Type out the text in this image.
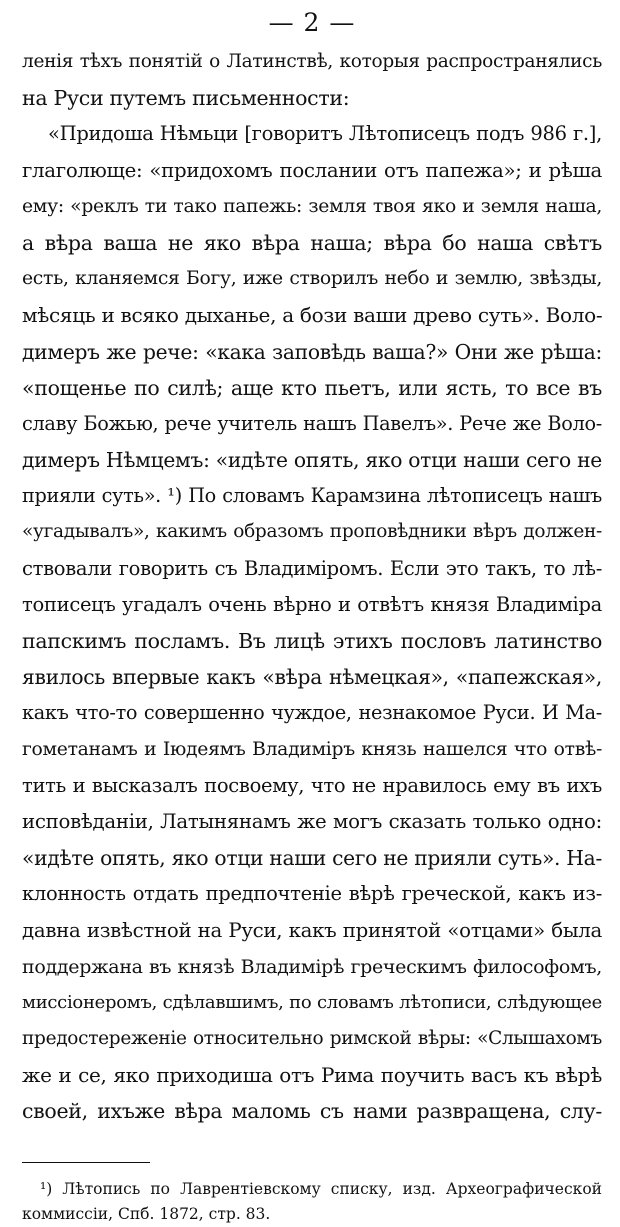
— 2 —
ленія тѣхъ понятій о Латинствѣ, которыя распространялись
на Руси путемъ письменности:
«Придоша Нѣмьци [говоритъ Лѣтописецъ подъ 986 г.],
глаголюще: «придохомъ послании отъ папежа»; и рѣша
ему: «реклъ ти тако папежь: земля твоя яко и земля наша,
а вѣра ваша не яко вѣра наша; вѣра бо наша свѣтъ
есть, кланяемся Богу, иже створилъ небо и землю, звѣзды,
мѣсяць и всяко дыханье, а бози ваши древо суть». Воло-
димеръ же рече: «кака заповѣдь ваша?» Они же рѣша:
«пощенье по силѣ; аще кто пьетъ, или ясть, то все въ
славу Божью, рече учитель нашъ Павелъ». Рече же Воло-
димеръ Нѣмцемъ: «идѣте опять, яко отци наши сего не
прияли суть». ¹) По словамъ Карамзина лѣтописецъ нашъ
«угадывалъ», какимъ образомъ проповѣдники вѣръ должен-
ствовали говорить съ Владиміромъ. Если это такъ, то лѣ-
тописецъ угадалъ очень вѣрно и отвѣтъ князя Владиміра
папскимъ посламъ. Въ лицѣ этихъ пословъ латинство
явилось впервые какъ «вѣра нѣмецкая», «папежская»,
какъ что-то совершенно чуждое, незнакомое Руси. И Ма-
гометанамъ и Іюдеямъ Владиміръ князь нашелся что отвѣ-
тить и высказалъ посвоему, что не нравилось ему въ ихъ
исповѣданіи, Латынянамъ же могъ сказать только одно:
«идѣте опять, яко отци наши сего не прияли суть». На-
клонность отдать предпочтеніе вѣрѣ греческой, какъ из-
давна извѣстной на Руси, какъ принятой «отцами» была
поддержана въ князѣ Владимірѣ греческимъ философомъ,
миссіонеромъ, сдѣлавшимъ, по словамъ лѣтописи, слѣдующее
предостереженіе относительно римской вѣры: «Слышахомъ
же и се, яко приходиша отъ Рима поучить васъ къ вѣрѣ
своей, ихъже вѣра маломь съ нами развращена, слу-
¹) Лѣтопись по Лаврентіевскому списку, изд. Археографической
коммиссіи, Спб. 1872, стр. 83.
